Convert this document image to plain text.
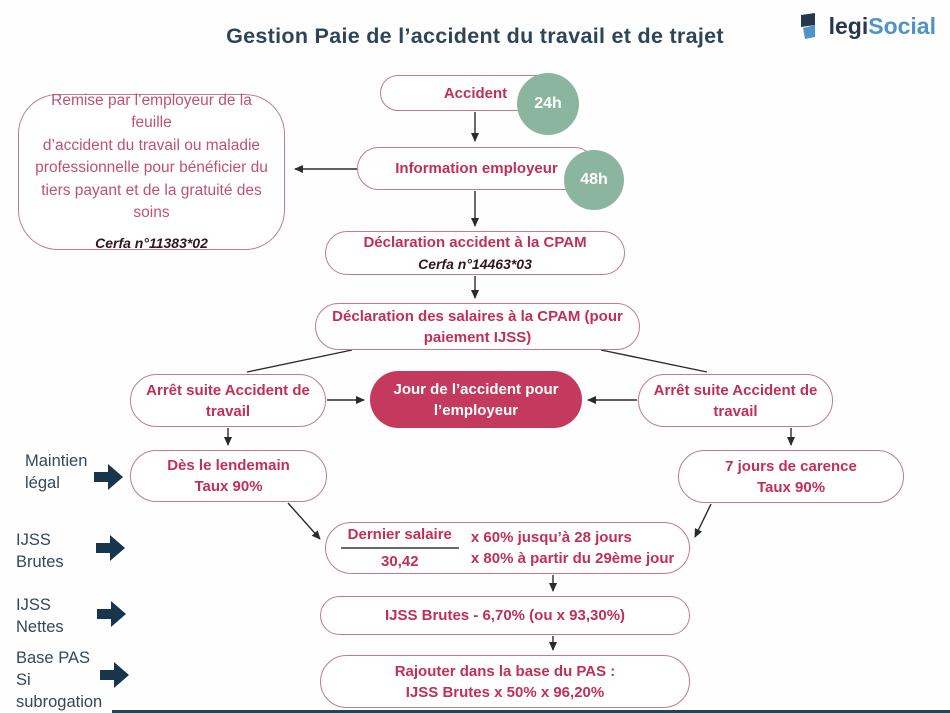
Gestion Paie de l’accident du travail et de trajet	legiSocial
Accident
24h
Information employeur
48h
Remise par l’employeur de la feuille
d’accident du travail ou maladie
professionnelle pour bénéficier du
tiers payant et de la gratuité des
soins
Cerfa n°11383*02	Déclaration accident à la CPAM
Cerfa n°14463*03
Déclaration des salaires à la CPAM (pour
paiement IJSS)
Arrêt suite Accident de
travail
Jour de l’accident pour
l’employeur
Arrêt suite Accident de
travail
Dès le lendemain
Taux 90%
7 jours de carence
Taux 90%
$\frac{\text{Dernier salaire}}{30,42}$ x 60% jusqu’à 28 jours
x 80% à partir du 29ème jour
IJSS Brutes - 6,70% (ou x 93,30%)
Rajouter dans la base du PAS :
IJSS Brutes x 50% x 96,20%
Maintien
légal
IJSS
Brutes
IJSS
Nettes
Base PAS
Si
subrogation
